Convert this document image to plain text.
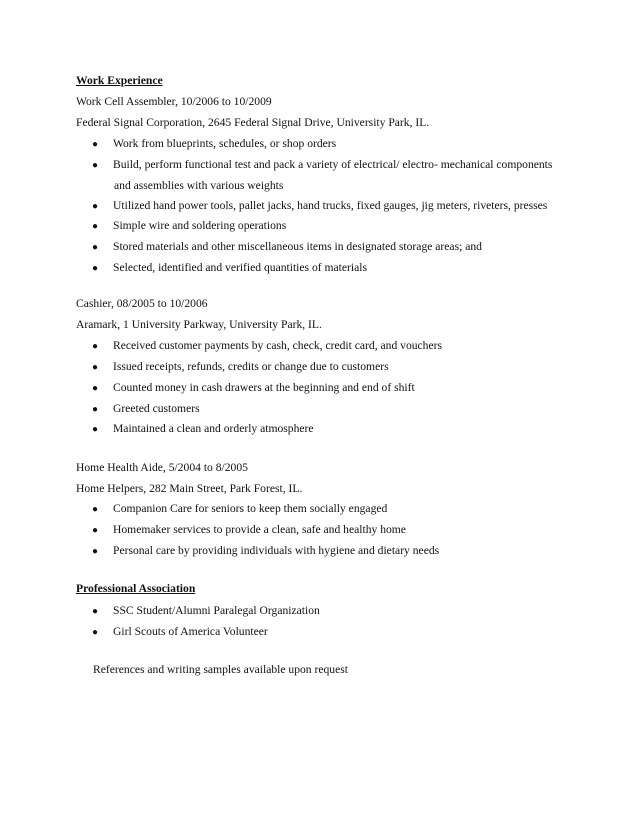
Work Experience
Work Cell Assembler, 10/2006 to 10/2009
Federal Signal Corporation, 2645 Federal Signal Drive, University Park, IL.
● Work from blueprints, schedules, or shop orders
● Build, perform functional test and pack a variety of electrical/ electro- mechanical components
and assemblies with various weights
● Utilized hand power tools, pallet jacks, hand trucks, fixed gauges, jig meters, riveters, presses
● Simple wire and soldering operations
● Stored materials and other miscellaneous items in designated storage areas; and
● Selected, identified and verified quantities of materials
Cashier, 08/2005 to 10/2006
Aramark, 1 University Parkway, University Park, IL.
● Received customer payments by cash, check, credit card, and vouchers
● Issued receipts, refunds, credits or change due to customers
● Counted money in cash drawers at the beginning and end of shift
● Greeted customers
● Maintained a clean and orderly atmosphere
Home Health Aide, 5/2004 to 8/2005
Home Helpers, 282 Main Street, Park Forest, IL.
● Companion Care for seniors to keep them socially engaged
● Homemaker services to provide a clean, safe and healthy home
● Personal care by providing individuals with hygiene and dietary needs
Professional Association
● SSC Student/Alumni Paralegal Organization
● Girl Scouts of America Volunteer
References and writing samples available upon request
